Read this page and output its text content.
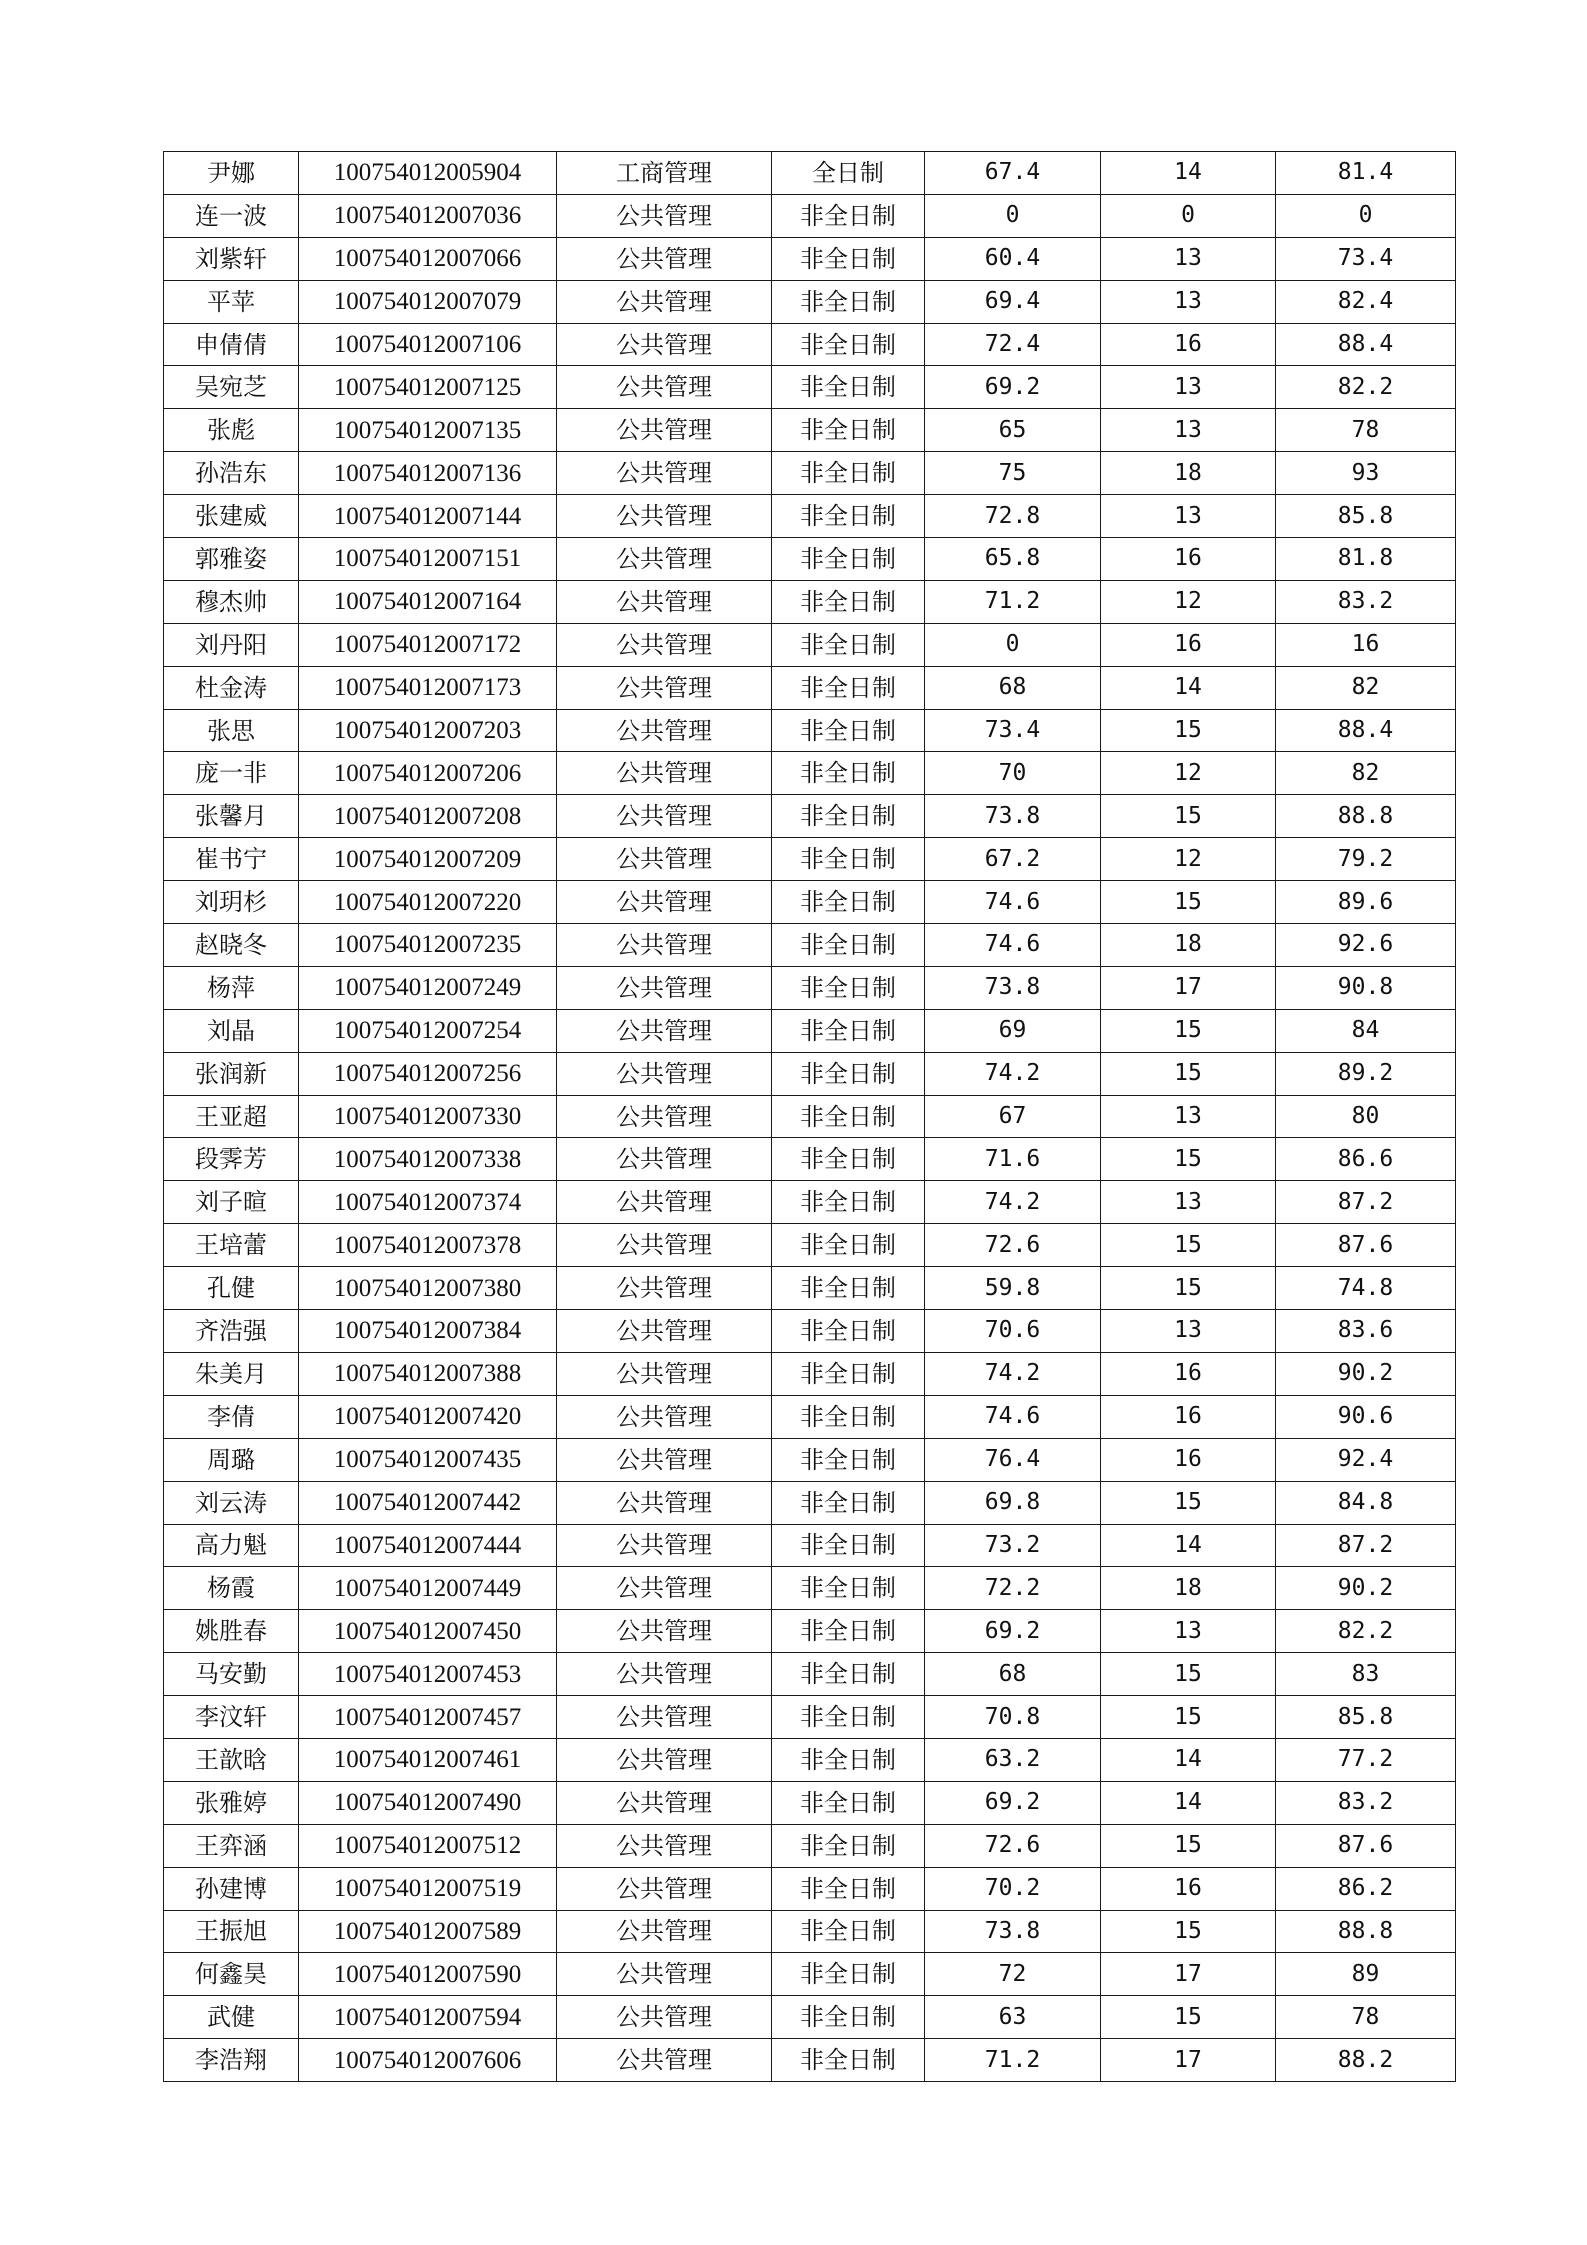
尹娜	100754012005904	工商管理	全日制	67.4	14	81.4
连一波	100754012007036	公共管理	非全日制	0	0	0
刘紫轩	100754012007066	公共管理	非全日制	60.4	13	73.4
平苹	100754012007079	公共管理	非全日制	69.4	13	82.4
申倩倩	100754012007106	公共管理	非全日制	72.4	16	88.4
吴宛芝	100754012007125	公共管理	非全日制	69.2	13	82.2
张彪	100754012007135	公共管理	非全日制	65	13	78
孙浩东	100754012007136	公共管理	非全日制	75	18	93
张建威	100754012007144	公共管理	非全日制	72.8	13	85.8
郭雅姿	100754012007151	公共管理	非全日制	65.8	16	81.8
穆杰帅	100754012007164	公共管理	非全日制	71.2	12	83.2
刘丹阳	100754012007172	公共管理	非全日制	0	16	16
杜金涛	100754012007173	公共管理	非全日制	68	14	82
张思	100754012007203	公共管理	非全日制	73.4	15	88.4
庞一非	100754012007206	公共管理	非全日制	70	12	82
张馨月	100754012007208	公共管理	非全日制	73.8	15	88.8
崔书宁	100754012007209	公共管理	非全日制	67.2	12	79.2
刘玥杉	100754012007220	公共管理	非全日制	74.6	15	89.6
赵晓冬	100754012007235	公共管理	非全日制	74.6	18	92.6
杨萍	100754012007249	公共管理	非全日制	73.8	17	90.8
刘晶	100754012007254	公共管理	非全日制	69	15	84
张润新	100754012007256	公共管理	非全日制	74.2	15	89.2
王亚超	100754012007330	公共管理	非全日制	67	13	80
段霁芳	100754012007338	公共管理	非全日制	71.6	15	86.6
刘子暄	100754012007374	公共管理	非全日制	74.2	13	87.2
王培蕾	100754012007378	公共管理	非全日制	72.6	15	87.6
孔健	100754012007380	公共管理	非全日制	59.8	15	74.8
齐浩强	100754012007384	公共管理	非全日制	70.6	13	83.6
朱美月	100754012007388	公共管理	非全日制	74.2	16	90.2
李倩	100754012007420	公共管理	非全日制	74.6	16	90.6
周璐	100754012007435	公共管理	非全日制	76.4	16	92.4
刘云涛	100754012007442	公共管理	非全日制	69.8	15	84.8
高力魁	100754012007444	公共管理	非全日制	73.2	14	87.2
杨霞	100754012007449	公共管理	非全日制	72.2	18	90.2
姚胜春	100754012007450	公共管理	非全日制	69.2	13	82.2
马安勤	100754012007453	公共管理	非全日制	68	15	83
李汶轩	100754012007457	公共管理	非全日制	70.8	15	85.8
王歆晗	100754012007461	公共管理	非全日制	63.2	14	77.2
张雅婷	100754012007490	公共管理	非全日制	69.2	14	83.2
王弈涵	100754012007512	公共管理	非全日制	72.6	15	87.6
孙建博	100754012007519	公共管理	非全日制	70.2	16	86.2
王振旭	100754012007589	公共管理	非全日制	73.8	15	88.8
何鑫昊	100754012007590	公共管理	非全日制	72	17	89
武健	100754012007594	公共管理	非全日制	63	15	78
李浩翔	100754012007606	公共管理	非全日制	71.2	17	88.2
